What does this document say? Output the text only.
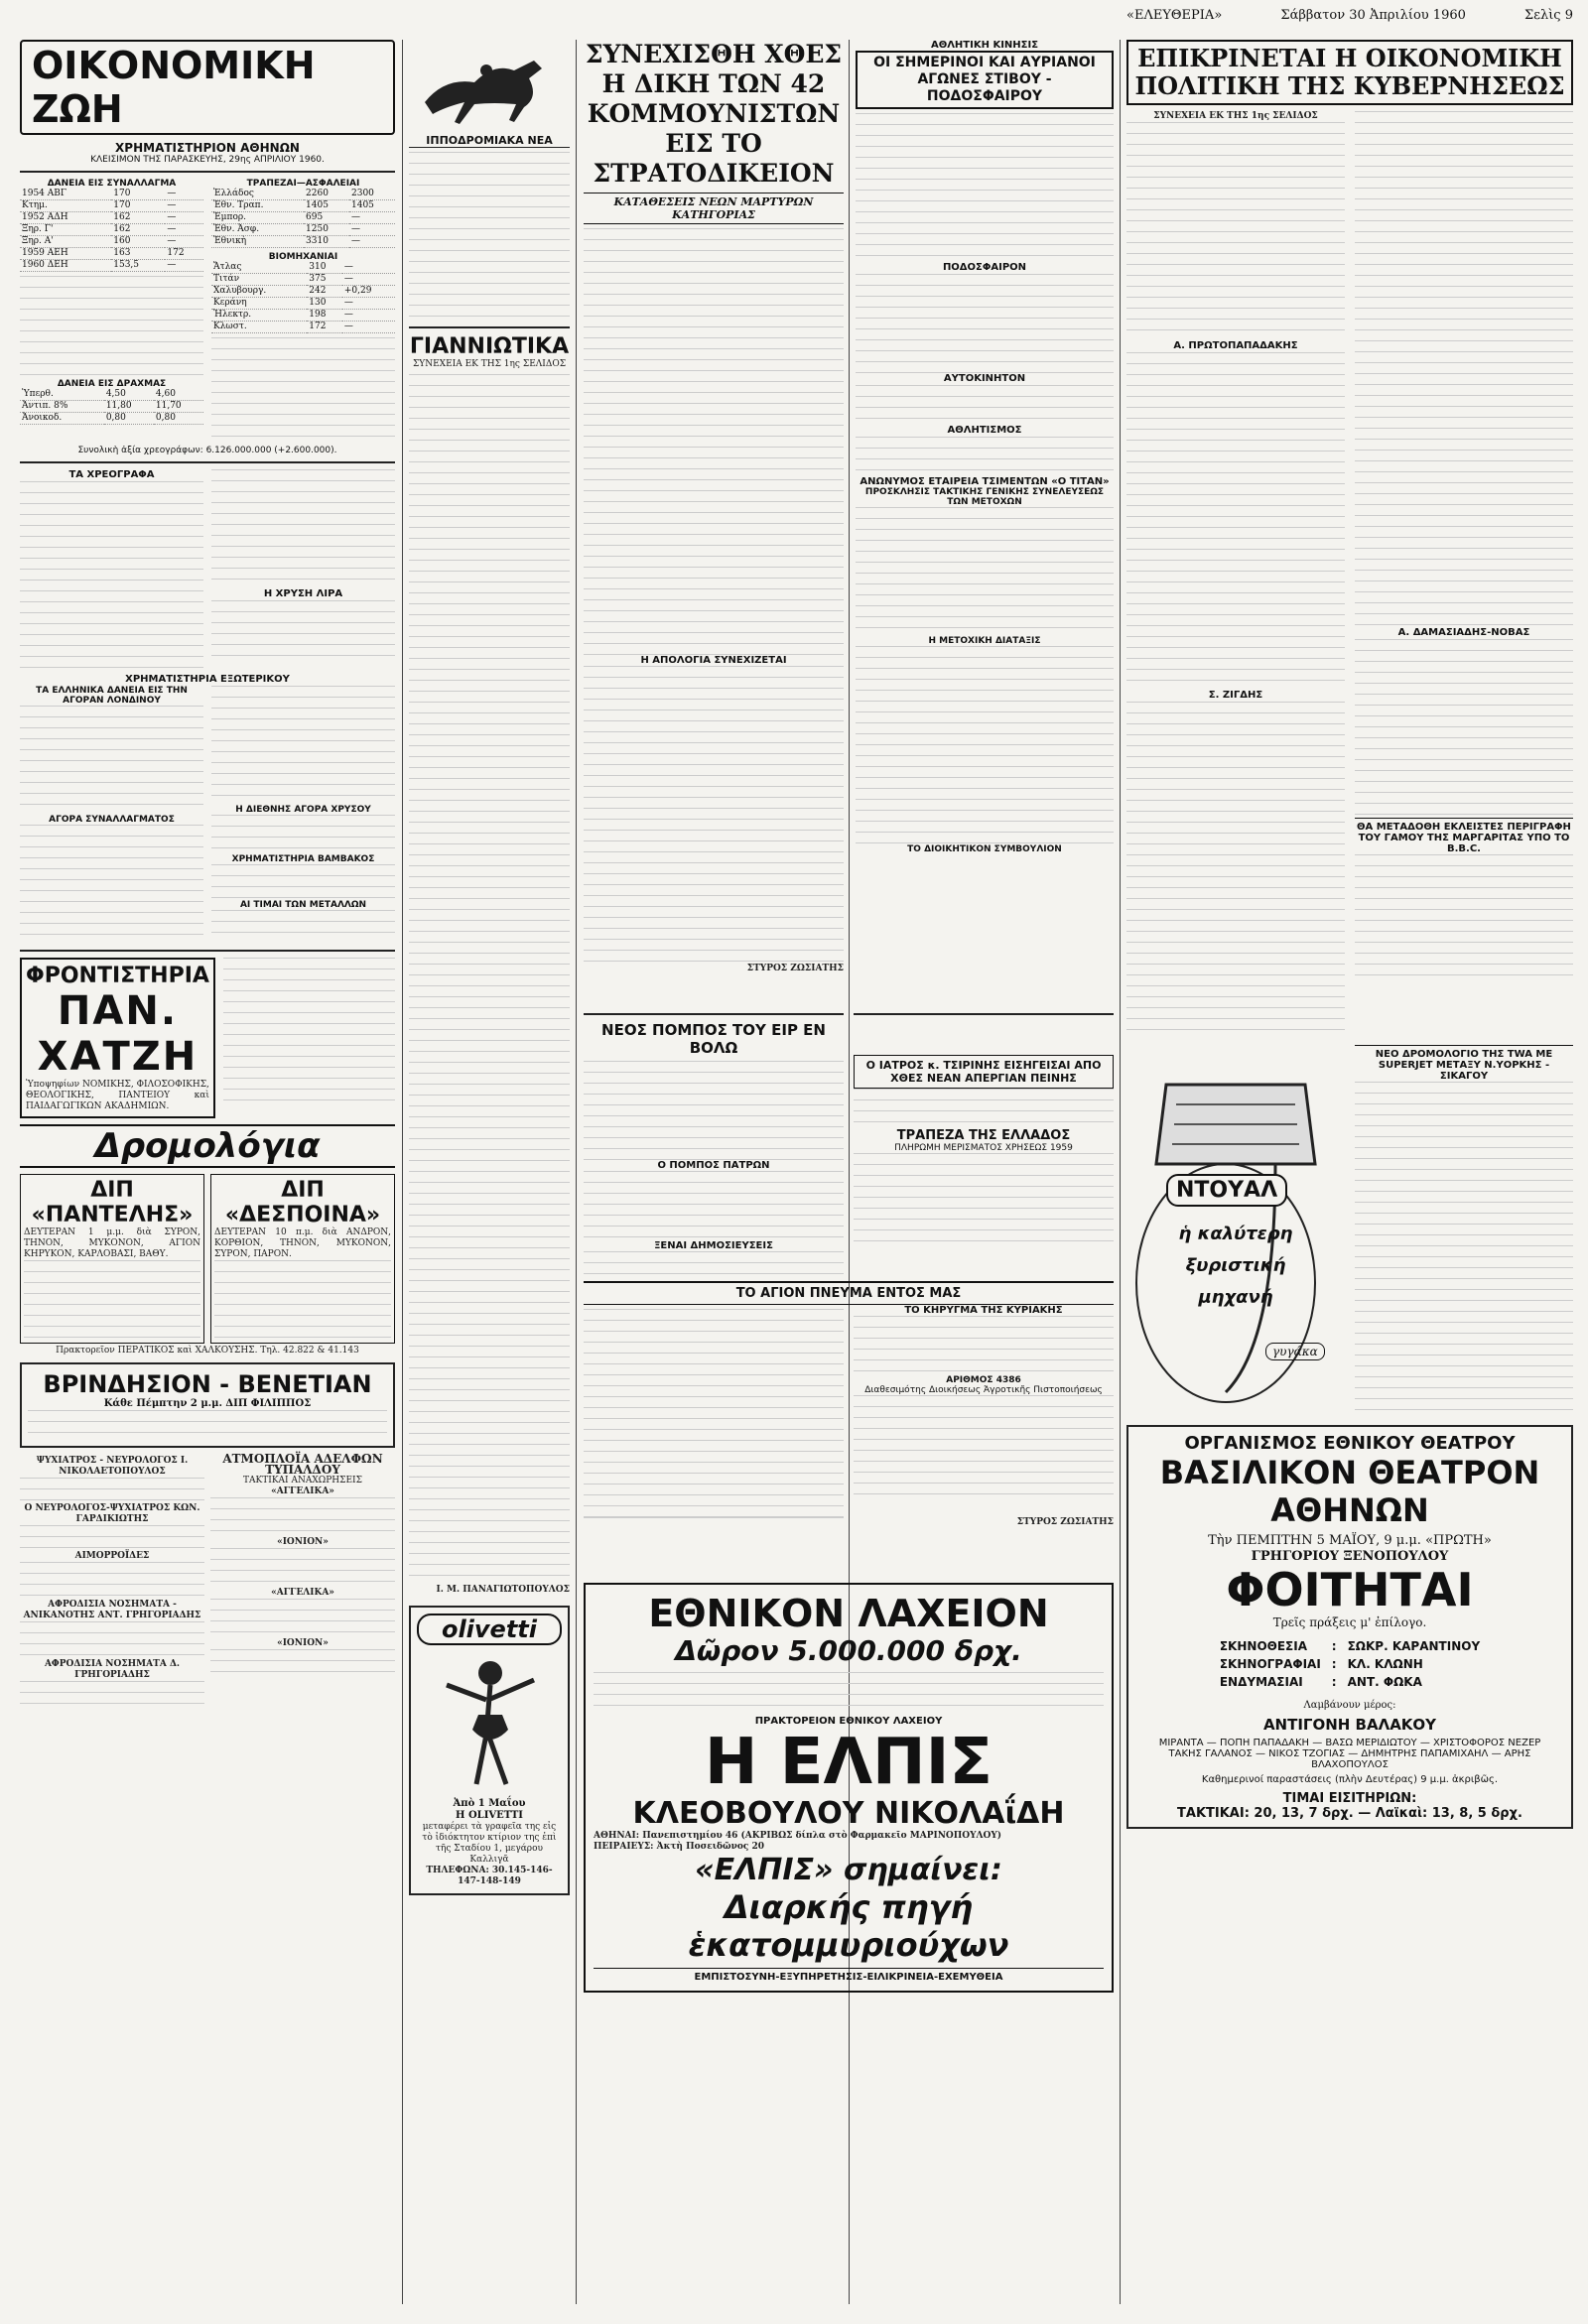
«ΕΛΕΥΘΕΡΙΑ»	Σάββατον 30 Ἀπριλίου 1960	Σελὶς 9
ΟΙΚΟΝΟΜΙΚΗ ΖΩΗ
ΧΡΗΜΑΤΙΣΤΗΡΙΟΝ ΑΘΗΝΩΝ
ΚΛΕΙΣΙΜΟΝ ΤΗΣ ΠΑΡΑΣΚΕΥΗΣ, 29ης ΑΠΡΙΛΙΟΥ 1960.
ΔΑΝΕΙΑ ΕΙΣ ΣΥΝΑΛΛΑΓΜΑ
1954 ΑΒΓ	170	—
Κτημ.	170	—
1952 ΑΔΗ	162	—
Ξηρ. Γ'	162	—
Ξηρ. Α'	160	—
1959 ΑΕΗ	163	172
1960 ΔΕΗ	153,5	—
ΔΑΝΕΙΑ ΕΙΣ ΔΡΑΧΜΑΣ
Ὑπερθ.	4,50	4,60
Ἀντιπ. 8%	11,80	11,70
Ἀνοικοδ.	0,80	0,80
ΤΡΑΠΕΖΑΙ—ΑΣΦΑΛΕΙΑΙ
Ἑλλάδος	2260	2300
Ἐθν. Τραπ.	1405	1405
Ἐμπορ.	695	—
Ἐθν. Ἀσφ.	1250	—
Ἐθνικὴ	3310	—
ΒΙΟΜΗΧΑΝΙΑΙ
Ἄτλας	310	—
Τιτάν	375	—
Χαλυβουργ.	242	+0,29
Κεράνη	130	—
Ἠλεκτρ.	198	—
Κλωστ.	172	—
Συνολικὴ ἀξία χρεογράφων: 6.126.000.000 (+2.600.000).
ΤΑ ΧΡΕΟΓΡΑΦΑ
Η ΧΡΥΣΗ ΛΙΡΑ
ΧΡΗΜΑΤΙΣΤΗΡΙΑ ΕΞΩΤΕΡΙΚΟΥ
ΤΑ ΕΛΛΗΝΙΚΑ ΔΑΝΕΙΑ ΕΙΣ ΤΗΝ ΑΓΟΡΑΝ ΛΟΝΔΙΝΟΥ
ΑΓΟΡΑ ΣΥΝΑΛΛΑΓΜΑΤΟΣ
Η ΔΙΕΘΝΗΣ ΑΓΟΡΑ ΧΡΥΣΟΥ
ΧΡΗΜΑΤΙΣΤΗΡΙΑ ΒΑΜΒΑΚΟΣ
ΑΙ ΤΙΜΑΙ ΤΩΝ ΜΕΤΑΛΛΩΝ
ΦΡΟΝΤΙΣΤΗΡΙΑ
ΠΑΝ. ΧΑΤΖΗ
Ὑποψηφίων ΝΟΜΙΚΗΣ, ΦΙΛΟΣΟΦΙΚΗΣ, ΘΕΟΛΟΓΙΚΗΣ, ΠΑΝΤΕΙΟΥ καὶ ΠΑΙΔΑΓΩΓΙΚΩΝ ΑΚΑΔΗΜΙΩΝ.
Δρομολόγια
ΔΙΠ «ΠΑΝΤΕΛΗΣ»
ΔΕΥΤΕΡΑΝ 1 μ.μ. διὰ ΣΥΡΟΝ, ΤΗΝΟΝ, ΜΥΚΟΝΟΝ, ΑΓΙΟΝ ΚΗΡΥΚΟΝ, ΚΑΡΛΟΒΑΣΙ, ΒΑΘΥ.
ΔΙΠ «ΔΕΣΠΟΙΝΑ»
ΔΕΥΤΕΡΑΝ 10 π.μ. διὰ ΑΝΔΡΟΝ, ΚΟΡΘΙΟΝ, ΤΗΝΟΝ, ΜΥΚΟΝΟΝ, ΣΥΡΟΝ, ΠΑΡΟΝ.
Πρακτορεῖον ΠΕΡΑΤΙΚΟΣ καὶ ΧΑΛΚΟΥΣΗΣ. Τηλ. 42.822 & 41.143
ΒΡΙΝΔΗΣΙΟΝ - ΒΕΝΕΤΙΑΝ
Κάθε Πέμπτην 2 μ.μ. ΔΙΠ ΦΙΛΙΠΠΟΣ
ΨΥΧΙΑΤΡΟΣ - ΝΕΥΡΟΛΟΓΟΣ Ι. ΝΙΚΟΛΑΕΤΟΠΟΥΛΟΣ
Ο ΝΕΥΡΟΛΟΓΟΣ-ΨΥΧΙΑΤΡΟΣ ΚΩΝ. ΓΑΡΔΙΚΙΩΤΗΣ
ΑΙΜΟΡΡΟΪΔΕΣ
ΑΦΡΟΔΙΣΙΑ ΝΟΣΗΜΑΤΑ - ΑΝΙΚΑΝΟΤΗΣ ΑΝΤ. ΓΡΗΓΟΡΙΑΔΗΣ
ΑΦΡΟΔΙΣΙΑ ΝΟΣΗΜΑΤΑ Δ. ΓΡΗΓΟΡΙΑΔΗΣ
ΑΤΜΟΠΛΟΪΑ ΑΔΕΛΦΩΝ ΤΥΠΑΛΔΟΥ
ΤΑΚΤΙΚΑΙ ΑΝΑΧΩΡΗΣΕΙΣ
«ΑΓΓΕΛΙΚΑ»
«ΙΟΝΙΟΝ»
«ΑΓΓΕΛΙΚΑ»
«ΙΟΝΙΟΝ»
ΙΠΠΟΔΡΟΜΙΑΚΑ ΝΕΑ
ΓΙΑΝΝΙΩΤΙΚΑ
ΣΥΝΕΧΕΙΑ ΕΚ ΤΗΣ 1ης ΣΕΛΙΔΟΣ
Ι. Μ. ΠΑΝΑΓΙΩΤΟΠΟΥΛΟΣ
olivetti
Ἀπὸ 1 Μαΐου
Η OLIVETTI
μεταφέρει τὰ γραφεῖα της εἰς τὸ ἰδιόκτητον κτίριον της ἐπὶ τῆς Σταδίου 1, μεγάρου Καλλιγᾶ
ΤΗΛΕΦΩΝΑ: 30.145-146-147-148-149
ΣΥΝΕΧΙΣΘΗ ΧΘΕΣ Η ΔΙΚΗ ΤΩΝ 42 ΚΟΜΜΟΥΝΙΣΤΩΝ ΕΙΣ ΤΟ ΣΤΡΑΤΟΔΙΚΕΙΟΝ
ΚΑΤΑΘΕΣΕΙΣ ΝΕΩΝ ΜΑΡΤΥΡΩΝ ΚΑΤΗΓΟΡΙΑΣ
Η ΑΠΟΛΟΓΙΑ ΣΥΝΕΧΙΖΕΤΑΙ
ΣΤΥΡΟΣ ΖΩΣΙΑΤΗΣ
ΑΘΛΗΤΙΚΗ ΚΙΝΗΣΙΣ
ΟΙ ΣΗΜΕΡΙΝΟΙ ΚΑΙ ΑΥΡΙΑΝΟΙ ΑΓΩΝΕΣ ΣΤΙΒΟΥ - ΠΟΔΟΣΦΑΙΡΟΥ
ΠΟΔΟΣΦΑΙΡΟΝ
ΑΥΤΟΚΙΝΗΤΟΝ
ΑΘΛΗΤΙΣΜΟΣ
ΑΝΩΝΥΜΟΣ ΕΤΑΙΡΕΙΑ ΤΣΙΜΕΝΤΩΝ «Ο ΤΙΤΑΝ»
ΠΡΟΣΚΛΗΣΙΣ ΤΑΚΤΙΚΗΣ ΓΕΝΙΚΗΣ ΣΥΝΕΛΕΥΣΕΩΣ ΤΩΝ ΜΕΤΟΧΩΝ
Η ΜΕΤΟΧΙΚΗ ΔΙΑΤΑΞΙΣ
ΤΟ ΔΙΟΙΚΗΤΙΚΟΝ ΣΥΜΒΟΥΛΙΟΝ
ΝΕΟΣ ΠΟΜΠΟΣ ΤΟΥ ΕΙΡ ΕΝ ΒΟΛΩ
Ο ΠΟΜΠΟΣ ΠΑΤΡΩΝ
ΞΕΝΑΙ ΔΗΜΟΣΙΕΥΣΕΙΣ
Ο ΙΑΤΡΟΣ κ. ΤΣΙΡΙΝΗΣ ΕΙΣΗΓΕΙΣΑΙ ΑΠΟ ΧΘΕΣ ΝΕΑΝ ΑΠΕΡΓΙΑΝ ΠΕΙΝΗΣ
ΤΡΑΠΕΖΑ ΤΗΣ ΕΛΛΑΔΟΣ
ΠΛΗΡΩΜΗ ΜΕΡΙΣΜΑΤΟΣ ΧΡΗΣΕΩΣ 1959
ΤΟ ΑΓΙΟΝ ΠΝΕΥΜΑ ΕΝΤΟΣ ΜΑΣ
ΤΟ ΚΗΡΥΓΜΑ ΤΗΣ ΚΥΡΙΑΚΗΣ
ΑΡΙΘΜΟΣ 4386
Διαθεσιμότης Διοικήσεως Ἀγροτικῆς Πιστοποιήσεως
ΣΤΥΡΟΣ ΖΩΣΙΑΤΗΣ
ΕΘΝΙΚΟΝ ΛΑΧΕΙΟΝ
Δῶρον 5.000.000 δρχ.
ΠΡΑΚΤΟΡΕΙΟΝ ΕΘΝΙΚΟΥ ΛΑΧΕΙΟΥ
Η ΕΛΠΙΣ
ΚΛΕΟΒΟΥΛΟΥ ΝΙΚΟΛΑΐΔΗ
ΑΘΗΝΑΙ: Πανεπιστημίου 46 (ΑΚΡΙΒΩΣ δίπλα στὸ Φαρμακεῖο ΜΑΡΙΝΟΠΟΥΛΟΥ)
ΠΕΙΡΑΙΕΥΣ: Ἀκτὴ Ποσειδῶνος 20
«ΕΛΠΙΣ» σημαίνει:
Διαρκής πηγή ἑκατομμυριούχων
ΕΜΠΙΣΤΟΣΥΝΗ-ΕΞΥΠΗΡΕΤΗΣΙΣ-ΕΙΛΙΚΡΙΝΕΙΑ-ΕΧΕΜΥΘΕΙΑ
ΕΠΙΚΡΙΝΕΤΑΙ Η ΟΙΚΟΝΟΜΙΚΗ ΠΟΛΙΤΙΚΗ ΤΗΣ ΚΥΒΕΡΝΗΣΕΩΣ
ΣΥΝΕΧΕΙΑ ΕΚ ΤΗΣ 1ης ΣΕΛΙΔΟΣ
Α. ΠΡΩΤΟΠΑΠΑΔΑΚΗΣ
Σ. ΖΙΓΔΗΣ
Α. ΔΑΜΑΣΙΑΔΗΣ-ΝΟΒΑΣ
ΘΑ ΜΕΤΑΔΟΘΗ ΕΚΛΕΙΣΤΕΣ ΠΕΡΙΓΡΑΦΗ ΤΟΥ ΓΑΜΟΥ ΤΗΣ ΜΑΡΓΑΡΙΤΑΣ ΥΠΟ ΤΟ B.B.C.
ΝΤΟΥΑΛ
ἡ καλύτερη
ξυριστική
μηχανή
γυγάκα
ΝΕΟ ΔΡΟΜΟΛΟΓΙΟ ΤΗΣ TWA ΜΕ SUPERJET ΜΕΤΑΞΥ Ν.ΥΟΡΚΗΣ - ΣΙΚΑΓΟΥ
ΟΡΓΑΝΙΣΜΟΣ ΕΘΝΙΚΟΥ ΘΕΑΤΡΟΥ
ΒΑΣΙΛΙΚΟΝ ΘΕΑΤΡΟΝ ΑΘΗΝΩΝ
Τὴν ΠΕΜΠΤΗΝ 5 ΜΑΪΟΥ, 9 μ.μ. «ΠΡΩΤΗ»
ΓΡΗΓΟΡΙΟΥ ΞΕΝΟΠΟΥΛΟΥ
ΦΟΙΤΗΤΑΙ
Τρεῖς πράξεις μ' ἐπίλογο.
ΣΚΗΝΟΘΕΣΙΑ	:	ΣΩΚΡ. ΚΑΡΑΝΤΙΝΟΥ
ΣΚΗΝΟΓΡΑΦΙΑΙ	:	ΚΛ. ΚΛΩΝΗ
ΕΝΔΥΜΑΣΙΑΙ	:	ΑΝΤ. ΦΩΚΑ
Λαμβάνουν μέρος:
ΑΝΤΙΓΟΝΗ ΒΑΛΑΚΟΥ
ΜΙΡΑΝΤΑ — ΠΟΠΗ ΠΑΠΑΔΑΚΗ — ΒΑΣΩ ΜΕΡΙΔΙΩΤΟΥ — ΧΡΙΣΤΟΦΟΡΟΣ ΝΕΖΕΡ
ΤΑΚΗΣ ΓΑΛΑΝΟΣ — ΝΙΚΟΣ ΤΖΟΓΙΑΣ — ΔΗΜΗΤΡΗΣ ΠΑΠΑΜΙΧΑΗΛ — ΑΡΗΣ ΒΛΑΧΟΠΟΥΛΟΣ
Καθημερινοί παραστάσεις (πλὴν Δευτέρας) 9 μ.μ. ἀκριβῶς.
ΤΙΜΑΙ ΕΙΣΙΤΗΡΙΩΝ:
ΤΑΚΤΙΚΑΙ: 20, 13, 7 δρχ. — Λαϊκαὶ: 13, 8, 5 δρχ.
